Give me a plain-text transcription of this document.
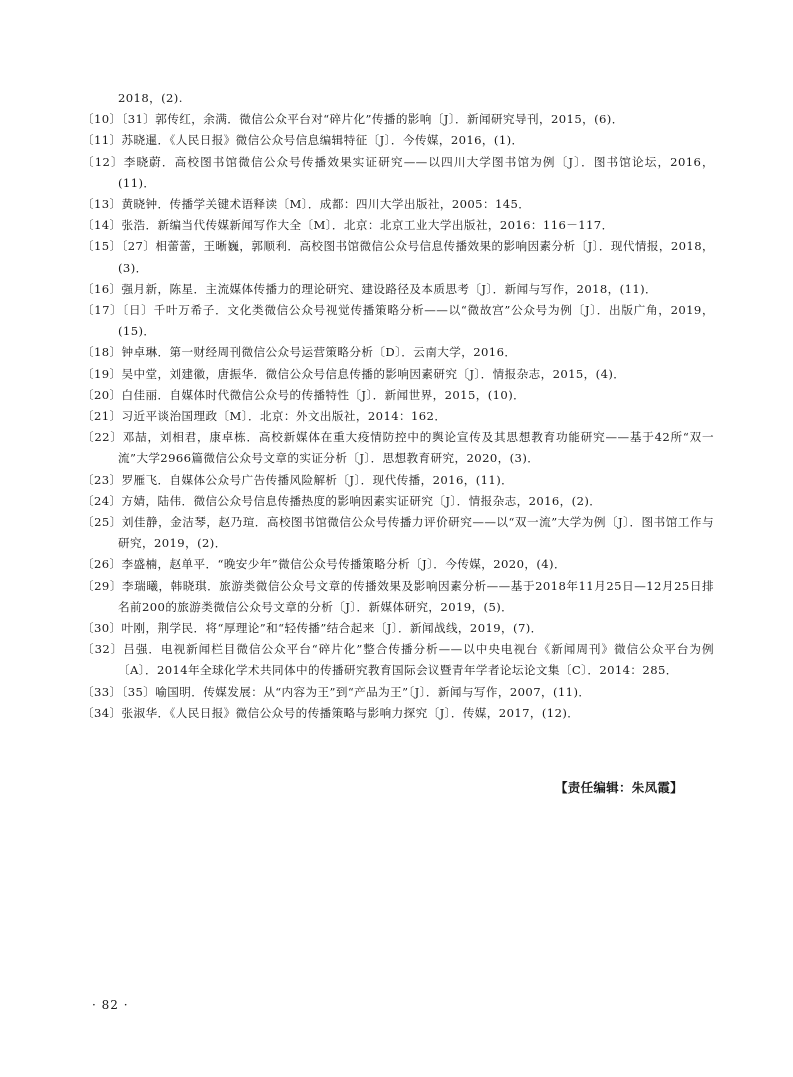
2018，(2).
〔10〕〔31〕郭传红，余满．微信公众平台对“碎片化”传播的影响〔J〕．新闻研究导刊，2015，(6)．
〔11〕苏晓暹．《人民日报》微信公众号信息编辑特征〔J〕．今传媒，2016，(1)．
〔12〕李晓蔚．高校图书馆微信公众号传播效果实证研究——以四川大学图书馆为例〔J〕．图书馆论坛，2016，(11)．
〔13〕黄晓钟．传播学关键术语释读〔M〕．成都：四川大学出版社，2005：145．
〔14〕张浩．新编当代传媒新闻写作大全〔M〕．北京：北京工业大学出版社，2016：116－117．
〔15〕〔27〕相蕾蕾，王晰巍，郭顺利．高校图书馆微信公众号信息传播效果的影响因素分析〔J〕．现代情报，2018，(3)．
〔16〕强月新，陈星．主流媒体传播力的理论研究、建设路径及本质思考〔J〕．新闻与写作，2018，(11)．
〔17〕〔日〕千叶万希子．文化类微信公众号视觉传播策略分析——以“微故宫”公众号为例〔J〕．出版广角，2019，(15)．
〔18〕钟卓琳．第一财经周刊微信公众号运营策略分析〔D〕．云南大学，2016．
〔19〕吴中堂，刘建徽，唐振华．微信公众号信息传播的影响因素研究〔J〕．情报杂志，2015，(4)．
〔20〕白佳丽．自媒体时代微信公众号的传播特性〔J〕．新闻世界，2015，(10)．
〔21〕习近平谈治国理政〔M〕．北京：外文出版社，2014：162．
〔22〕邓喆，刘相君，康卓栋．高校新媒体在重大疫情防控中的舆论宣传及其思想教育功能研究——基于42所“双一流”大学2966篇微信公众号文章的实证分析〔J〕．思想教育研究，2020，(3)．
〔23〕罗雁飞．自媒体公众号广告传播风险解析〔J〕．现代传播，2016，(11)．
〔24〕方婧，陆伟．微信公众号信息传播热度的影响因素实证研究〔J〕．情报杂志，2016，(2)．
〔25〕刘佳静，金洁琴，赵乃瑄．高校图书馆微信公众号传播力评价研究——以“双一流”大学为例〔J〕．图书馆工作与研究，2019，(2)．
〔26〕李盛楠，赵单平．“晚安少年”微信公众号传播策略分析〔J〕．今传媒，2020，(4)．
〔29〕李瑞曦，韩晓琪．旅游类微信公众号文章的传播效果及影响因素分析——基于2018年11月25日—12月25日排名前200的旅游类微信公众号文章的分析〔J〕．新媒体研究，2019，(5)．
〔30〕叶刚，荆学民．将“厚理论”和“轻传播”结合起来〔J〕．新闻战线，2019，(7)．
〔32〕吕强．电视新闻栏目微信公众平台“碎片化”整合传播分析——以中央电视台《新闻周刊》微信公众平台为例〔A〕．2014年全球化学术共同体中的传播研究教育国际会议暨青年学者论坛论文集〔C〕．2014：285．
〔33〕〔35〕喻国明．传媒发展：从“内容为王”到“产品为王”〔J〕．新闻与写作，2007，(11)．
〔34〕张淑华．《人民日报》微信公众号的传播策略与影响力探究〔J〕．传媒，2017，(12)．
【责任编辑：朱凤霞】
· 82 ·
